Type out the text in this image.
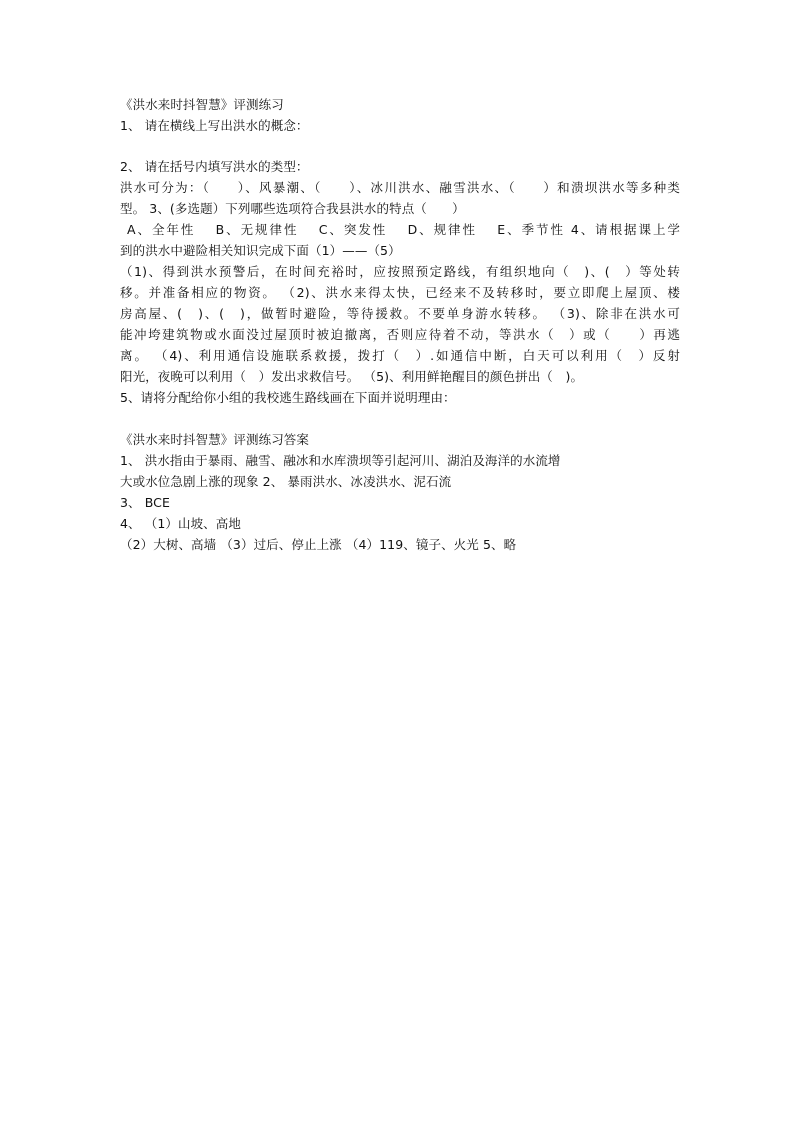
《洪水来时抖智慧》评测练习
1、 请在横线上写出洪水的概念：
2、 请在括号内填写洪水的类型：
洪水可分为：（　　）、风暴潮、（　　）、冰川洪水、融雪洪水、（　　）和溃坝洪水等多种类
型。 3、(多选题）下列哪些选项符合我县洪水的特点（　　）
A、全年性　 B、无规律性　 C、突发性　 D、规律性　 E、季节性 4、请根据课上学
到的洪水中避险相关知识完成下面（1）——（5）
（1)、得到洪水预警后，在时间充裕时，应按照预定路线，有组织地向（　)、(　）等处转
移。并准备相应的物资。 （2)、洪水来得太快，已经来不及转移时，要立即爬上屋顶、楼
房高屋、(　)、(　)，做暂时避险，等待援救。不要单身游水转移。 （3)、除非在洪水可
能冲垮建筑物或水面没过屋顶时被迫撤离，否则应待着不动，等洪水（　）或（　　）再逃
离。 （4)、利用通信设施联系救援，拨打（　）.如通信中断，白天可以利用（　）反射
阳光，夜晚可以利用（　）发出求救信号。 （5)、利用鲜艳醒目的颜色拼出（　)。
5、请将分配给你小组的我校逃生路线画在下面并说明理由：
《洪水来时抖智慧》评测练习答案
1、 洪水指由于暴雨、融雪、融冰和水库溃坝等引起河川、湖泊及海洋的水流增
大或水位急剧上涨的现象 2、 暴雨洪水、冰凌洪水、泥石流
3、 BCE
4、 （1）山坡、高地
（2）大树、高墙 （3）过后、停止上涨 （4）119、镜子、火光 5、略
